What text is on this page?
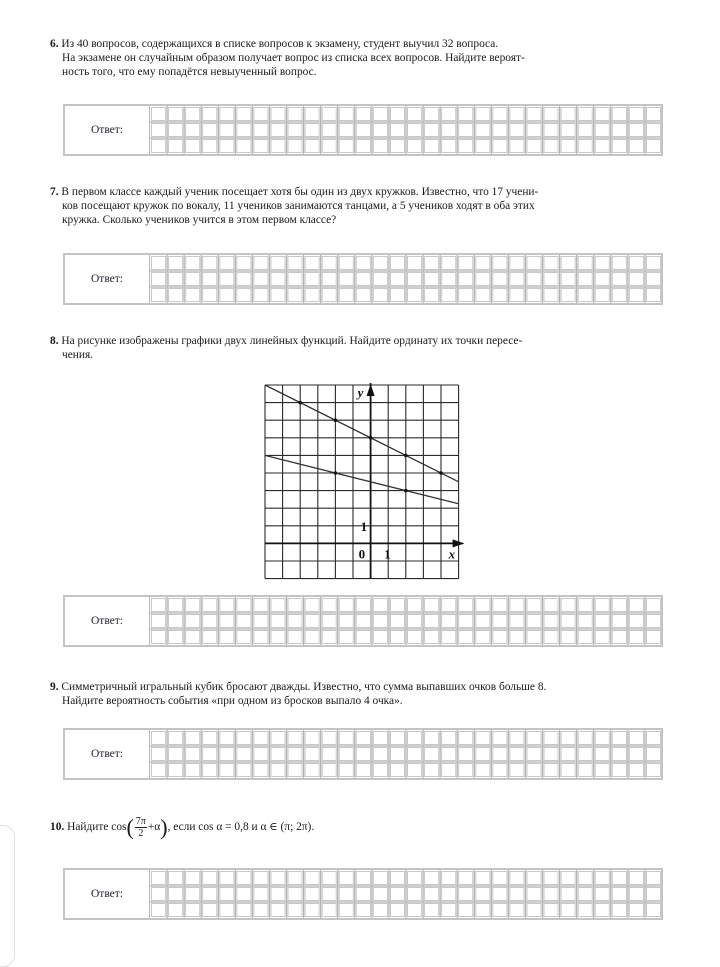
6. Из 40 вопросов, содержащихся в списке вопросов к экзамену, студент выучил 32 вопроса.
На экзамене он случайным образом получает вопрос из списка всех вопросов. Найдите вероят-
ность того, что ему попадётся невыученный вопрос.
Ответ:
7. В первом классе каждый ученик посещает хотя бы один из двух кружков. Известно, что 17 учени-
ков посещают кружок по вокалу, 11 учеников занимаются танцами, а 5 учеников ходят в оба этих
кружка. Сколько учеников учится в этом первом классе?
Ответ:
8. На рисунке изображены графики двух линейных функций. Найдите ординату их точки пересе-
чения.
y
x
0 1
1
Ответ:
9. Симметричный игральный кубик бросают дважды. Известно, что сумма выпавших очков больше 8.
Найдите вероятность события «при одном из бросков выпало 4 очка».
Ответ:
10. Найдите $\cos( \frac{7\pi}{2} +\alpha)$, если cos α = 0,8 и α ∈ (π; 2π).
Ответ:
